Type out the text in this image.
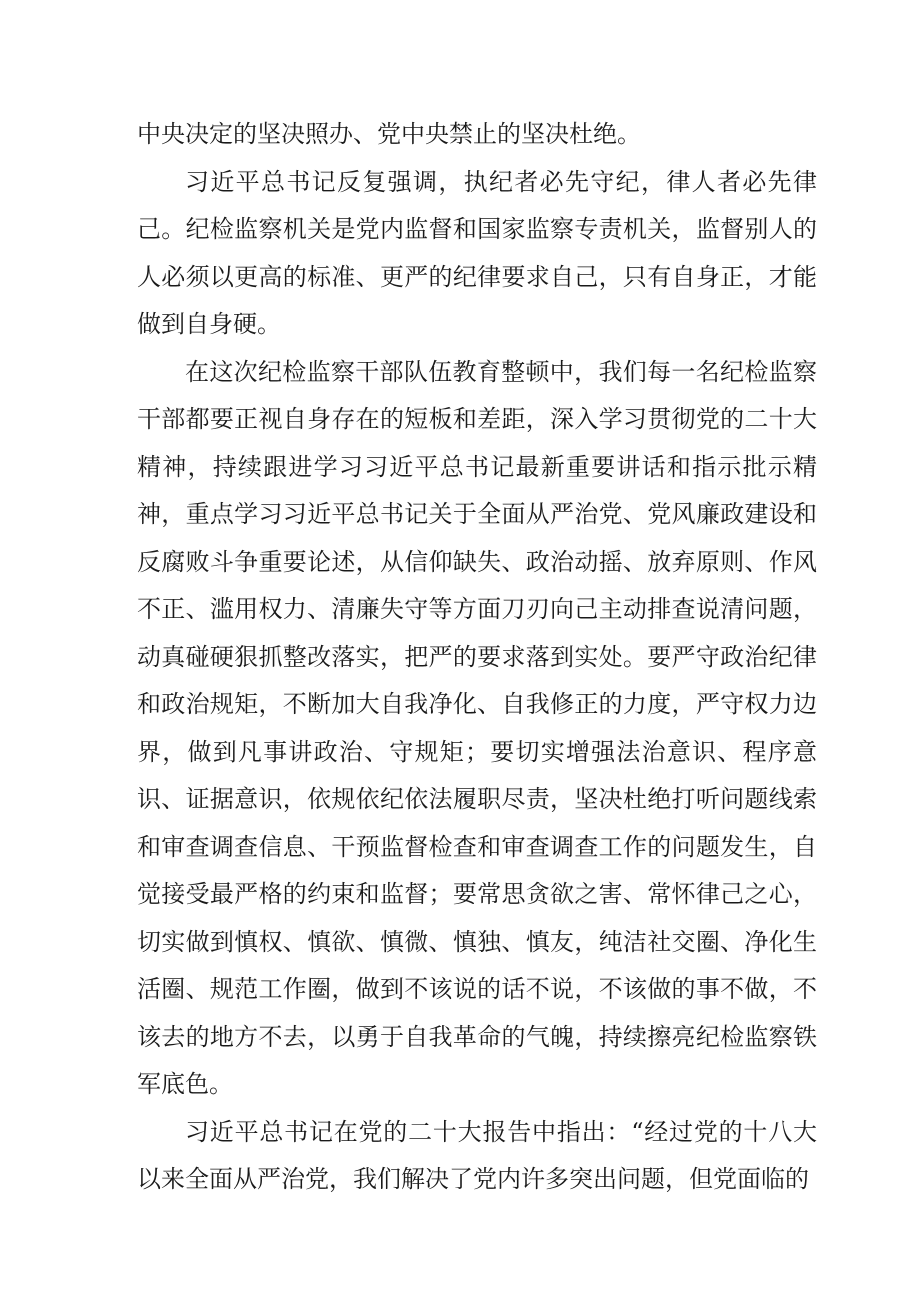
中央决定的坚决照办、党中央禁止的坚决杜绝。

习近平总书记反复强调，执纪者必先守纪，律人者必先律己。纪检监察机关是党内监督和国家监察专责机关，监督别人的人必须以更高的标准、更严的纪律要求自己，只有自身正，才能做到自身硬。

在这次纪检监察干部队伍教育整顿中，我们每一名纪检监察干部都要正视自身存在的短板和差距，深入学习贯彻党的二十大精神，持续跟进学习习近平总书记最新重要讲话和指示批示精神，重点学习习近平总书记关于全面从严治党、党风廉政建设和反腐败斗争重要论述，从信仰缺失、政治动摇、放弃原则、作风不正、滥用权力、清廉失守等方面刀刃向己主动排查说清问题，动真碰硬狠抓整改落实，把严的要求落到实处。要严守政治纪律和政治规矩，不断加大自我净化、自我修正的力度，严守权力边界，做到凡事讲政治、守规矩；要切实增强法治意识、程序意识、证据意识，依规依纪依法履职尽责，坚决杜绝打听问题线索和审查调查信息、干预监督检查和审查调查工作的问题发生，自觉接受最严格的约束和监督；要常思贪欲之害、常怀律己之心，切实做到慎权、慎欲、慎微、慎独、慎友，纯洁社交圈、净化生活圈、规范工作圈，做到不该说的话不说，不该做的事不做，不该去的地方不去，以勇于自我革命的气魄，持续擦亮纪检监察铁军底色。

习近平总书记在党的二十大报告中指出：“经过党的十八大以来全面从严治党，我们解决了党内许多突出问题，但党面临的
